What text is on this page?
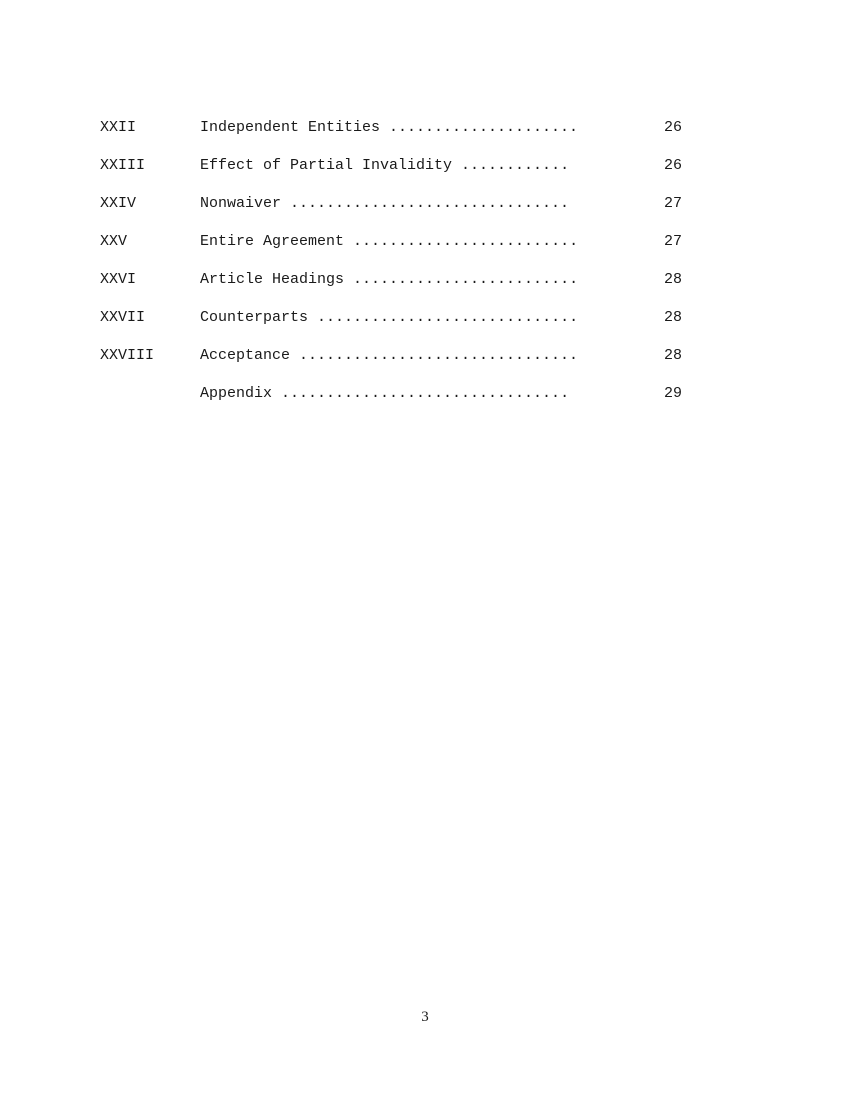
XXII	Independent Entities .....................	26
XXIII	Effect of Partial Invalidity ............	26
XXIV	Nonwaiver ...............................	27
XXV	Entire Agreement .........................	27
XXVI	Article Headings .........................	28
XXVII	Counterparts .............................	28
XXVIII	Acceptance ...............................	28
Appendix ................................	29
3
